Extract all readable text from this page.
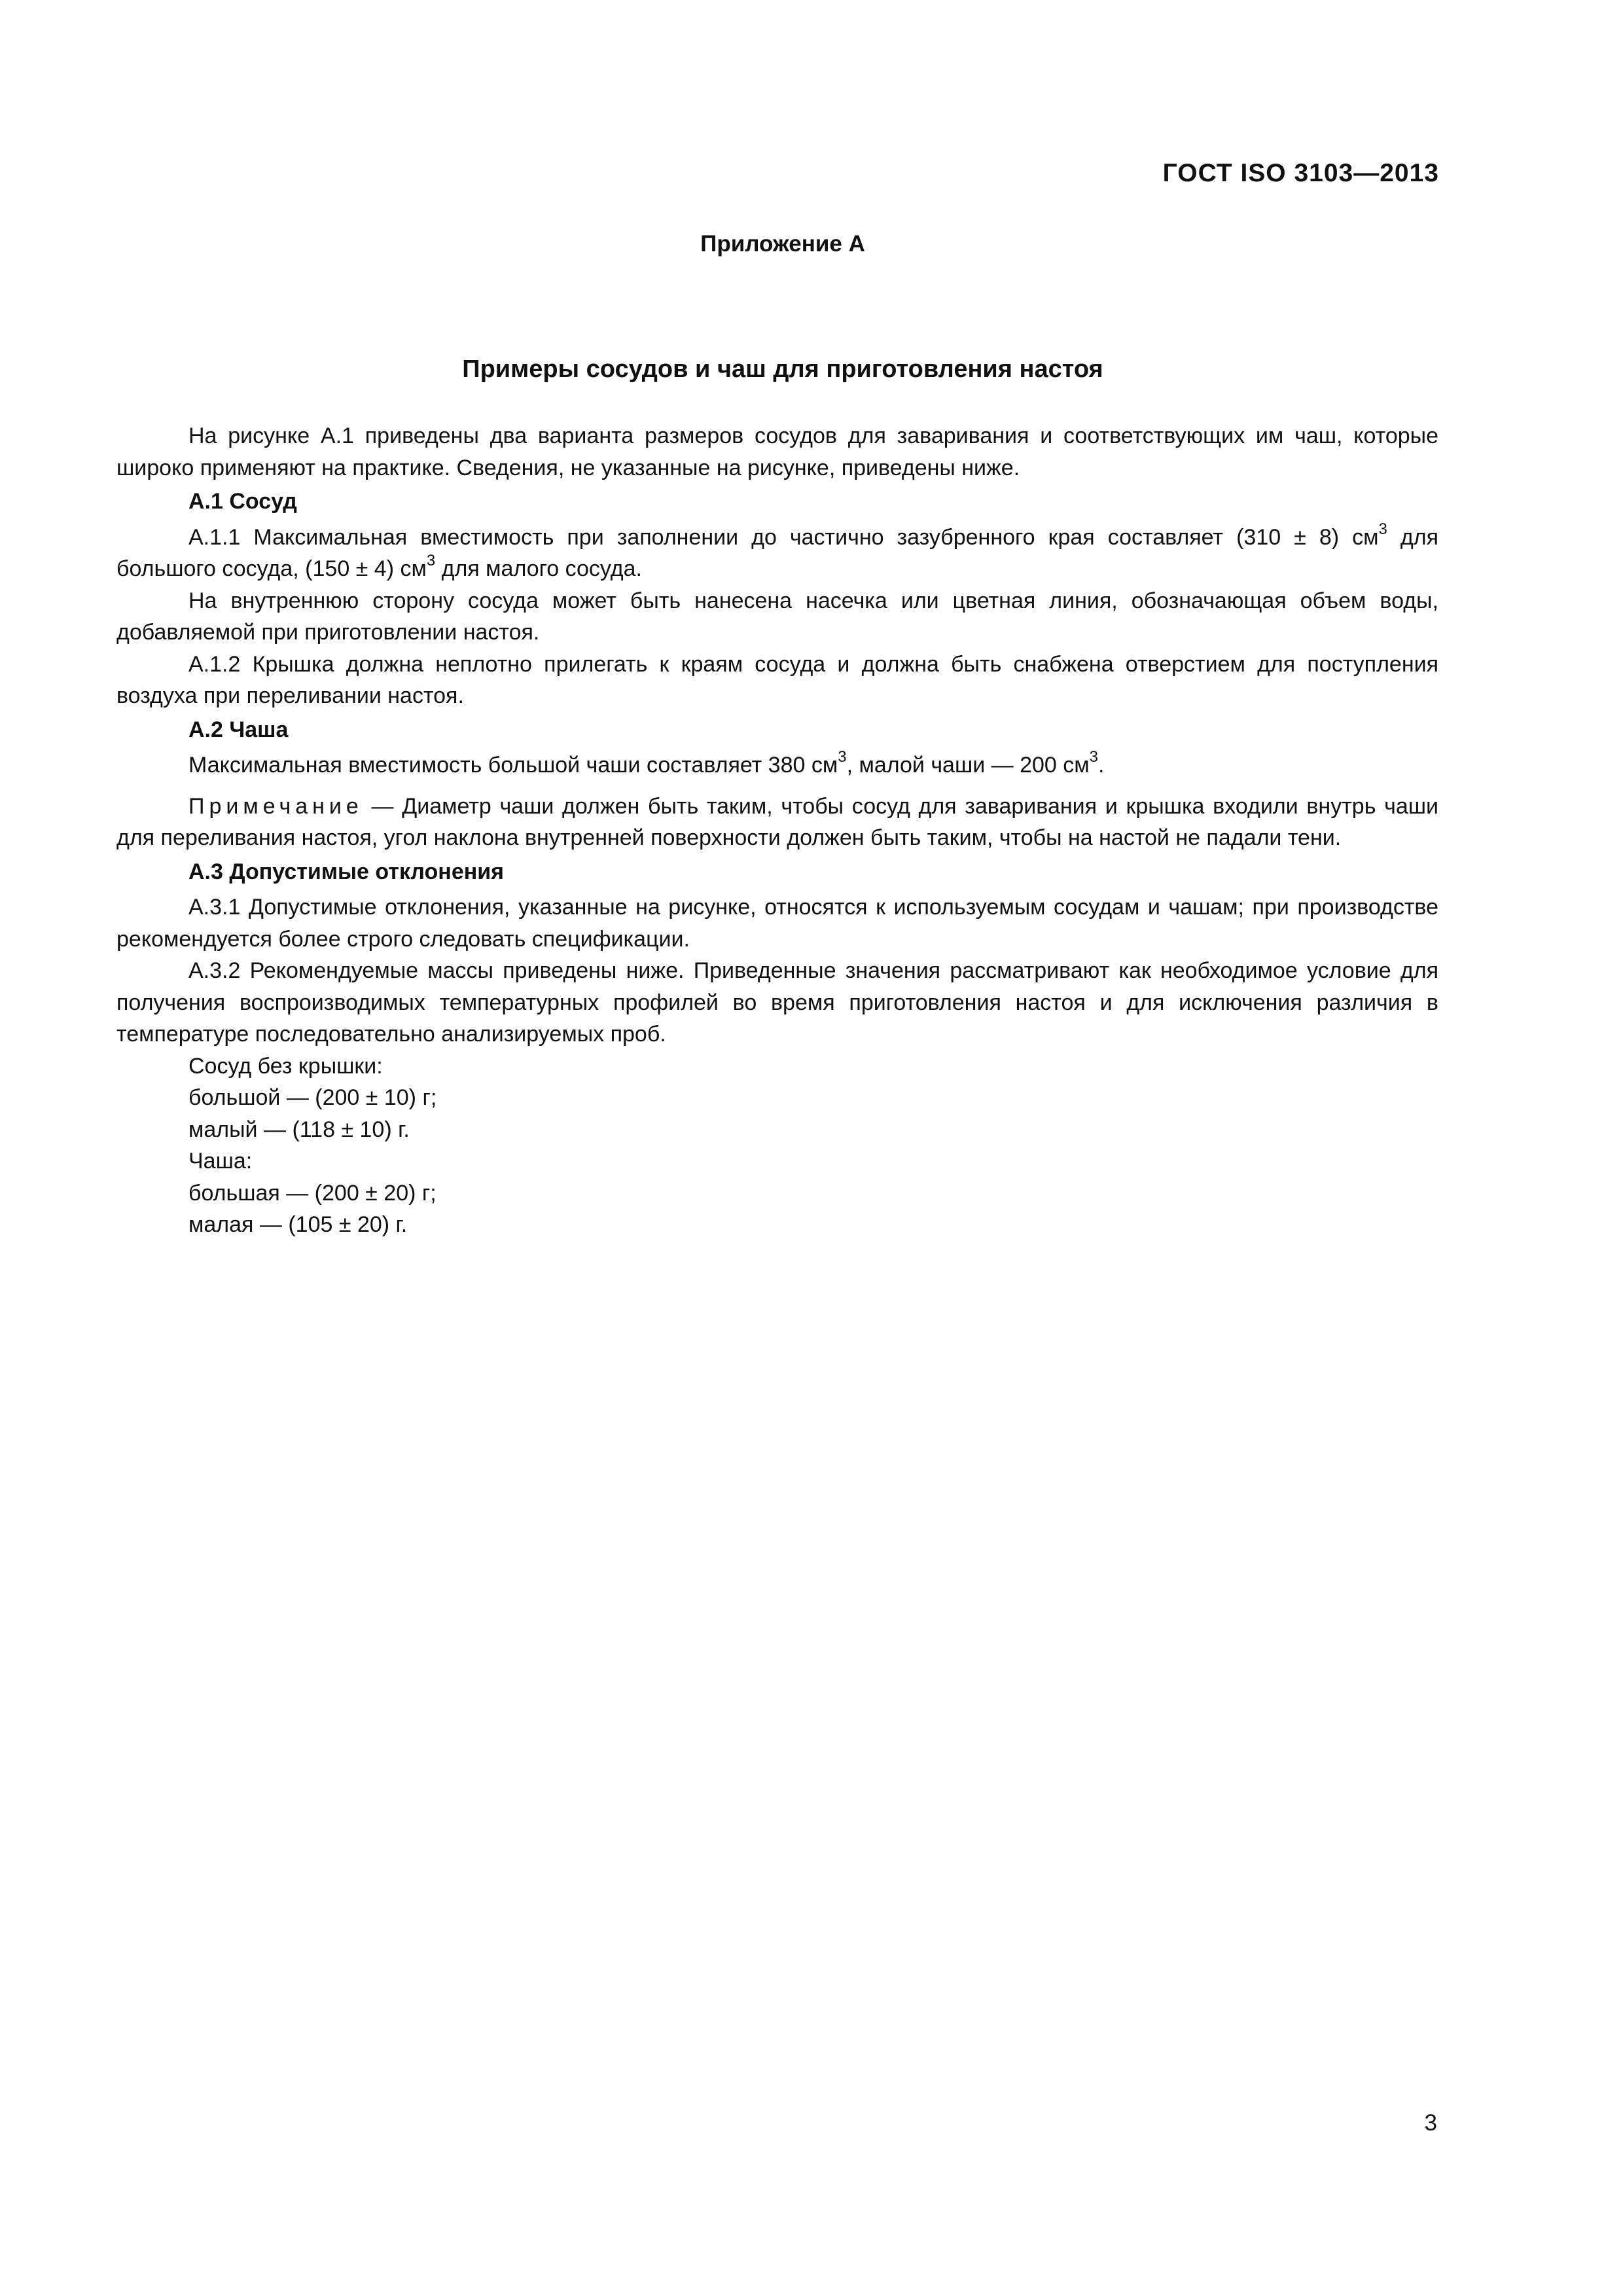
ГОСТ ISO 3103—2013
Приложение А
Примеры сосудов и чаш для приготовления настоя

На рисунке А.1 приведены два варианта размеров сосудов для заваривания и соответствующих им чаш, которые широко применяют на практике. Сведения, не указанные на рисунке, приведены ниже.

А.1 Сосуд

А.1.1 Максимальная вместимость при заполнении до частично зазубренного края составляет (310 ± 8) $см^3$ для большого сосуда, (150 ± 4) $см^3$ для малого сосуда.

На внутреннюю сторону сосуда может быть нанесена насечка или цветная линия, обозначающая объем воды, добавляемой при приготовлении настоя.

А.1.2 Крышка должна неплотно прилегать к краям сосуда и должна быть снабжена отверстием для поступления воздуха при переливании настоя.

А.2 Чаша

Максимальная вместимость большой чаши составляет 380 $см^3$, малой чаши — 200 $см^3$.

Примечание — Диаметр чаши должен быть таким, чтобы сосуд для заваривания и крышка входили внутрь чаши для переливания настоя, угол наклона внутренней поверхности должен быть таким, чтобы на настой не падали тени.

А.3 Допустимые отклонения

А.3.1 Допустимые отклонения, указанные на рисунке, относятся к используемым сосудам и чашам; при производстве рекомендуется более строго следовать спецификации.

А.3.2 Рекомендуемые массы приведены ниже. Приведенные значения рассматривают как необходимое условие для получения воспроизводимых температурных профилей во время приготовления настоя и для исключения различия в температуре последовательно анализируемых проб.

Сосуд без крышки:

большой — (200 ± 10) г;

малый — (118 ± 10) г.

Чаша:

большая — (200 ± 20) г;

малая — (105 ± 20) г.

3
